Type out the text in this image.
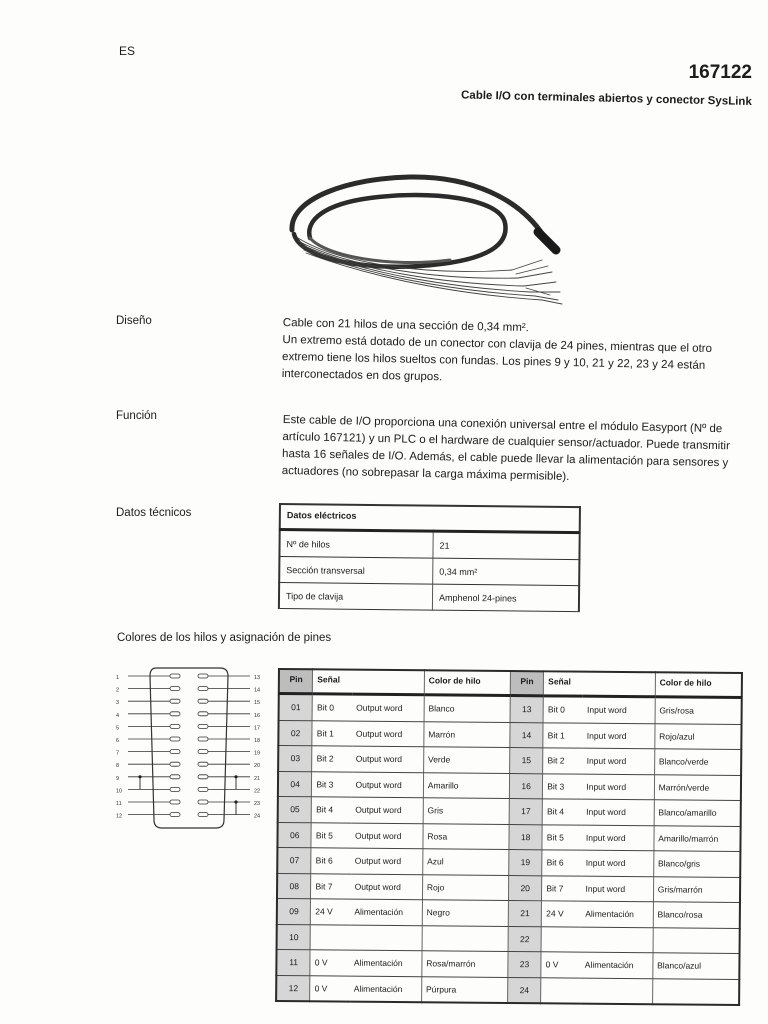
ES
167122
Cable I/O con terminales abiertos y conector SysLink
Diseño	Cable con 21 hilos de una sección de 0,34 mm².

Un extremo está dotado de un conector con clavija de 24 pines, mientras que el otro extremo tiene los hilos sueltos con fundas. Los pines 9 y 10, 21 y 22, 23 y 24 están interconectados en dos grupos.

Función	Este cable de I/O proporciona una conexión universal entre el módulo Easyport (Nº de artículo 167121) y un PLC o el hardware de cualquier sensor/actuador. Puede transmitir hasta 16 señales de I/O. Además, el cable puede llevar la alimentación para sensores y actuadores (no sobrepasar la carga máxima permisible).
Datos técnicos	Datos eléctricos	
Nº de hilos	21
Sección transversal	0,34 mm²
Tipo de clavija	Amphenol 24-pines
Colores de los hilos y asignación de pines
1
2
3
4
5
6
7
8
9
10
11
12
13
14
15
16
17
18
19
20
21
22
23
24
Pin	Señal		Color de hilo	Pin	Señal		Color de hilo
01	Bit 0	Output word	Blanco	13	Bit 0	Input word	Gris/rosa
02	Bit 1	Output word	Marrón	14	Bit 1	Input word	Rojo/azul
03	Bit 2	Output word	Verde	15	Bit 2	Input word	Blanco/verde
04	Bit 3	Output word	Amarillo	16	Bit 3	Input word	Marrón/verde
05	Bit 4	Output word	Gris	17	Bit 4	Input word	Blanco/amarillo
06	Bit 5	Output word	Rosa	18	Bit 5	Input word	Amarillo/marrón
07	Bit 6	Output word	Azul	19	Bit 6	Input word	Blanco/gris
08	Bit 7	Output word	Rojo	20	Bit 7	Input word	Gris/marrón
09	24 V	Alimentación	Negro	21	24 V	Alimentación	Blanco/rosa
10				22			
11	0 V	Alimentación	Rosa/marrón	23	0 V	Alimentación	Blanco/azul
12	0 V	Alimentación	Púrpura	24			
